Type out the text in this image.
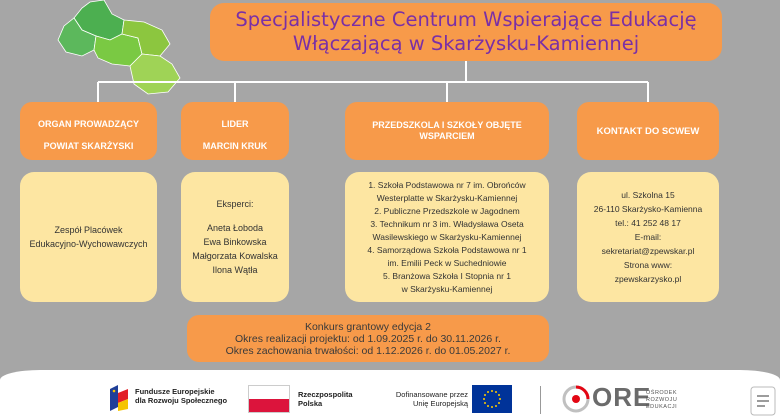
Specjalistyczne Centrum Wspierające Edukację
Włączającą w Skarżysku-Kamiennej
ORGAN PROWADZĄCY
POWIAT SKARŻYSKI
LIDER
MARCIN KRUK
PRZEDSZKOLA I SZKOŁY OBJĘTE
WSPARCIEM	KONTAKT DO SCWEW
Zespół Placówek
Edukacyjno-Wychowawczych
Eksperci:
Aneta Łoboda
Ewa Binkowska
Małgorzata Kowalska
Ilona Wątła
1. Szkoła Podstawowa nr 7 im. Obrońców
Westerplatte w Skarżysku-Kamiennej
2. Publiczne Przedszkole w Jagodnem
3. Technikum nr 3 im. Władysława Oseta
Wasilewskiego w Skarżysku-Kamiennej
4. Samorządowa Szkoła Podstawowa nr 1
im. Emilii Peck w Suchedniowie
5. Branżowa Szkoła I Stopnia nr 1
w Skarżysku-Kamiennej
ul. Szkolna 15
26-110 Skarżysko-Kamienna
tel.: 41 252 48 17
E-mail:
sekretariat@zpewskar.pl
Strona www:
zpewskarzysko.pl
Konkurs grantowy edycja 2
Okres realizacji projektu: od 1.09.2025 r. do 30.11.2026 r.
Okres zachowania trwałości: od 1.12.2026 r. do 01.05.2027 r.
Fundusze Europejskie
dla Rozwoju Społecznego
Rzeczpospolita
Polska
Dofinansowane przez
Unię Europejską	ORE
OŚRODEK
ROZWOJU
EDUKACJI
